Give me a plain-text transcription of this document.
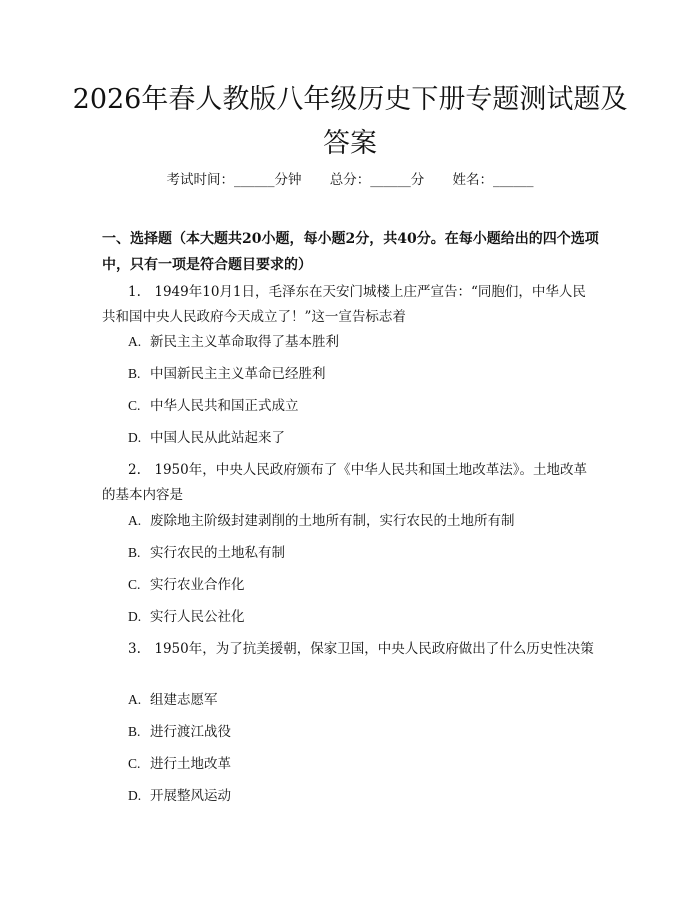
2026年春人教版八年级历史下册专题测试题及答案
考试时间：______分钟 总分：______分 姓名：______
一、选择题（本大题共20小题，每小题2分，共40分。在每小题给出的四个选项中，只有一项是符合题目要求的）
1.　1949年10月1日，毛泽东在天安门城楼上庄严宣告：“同胞们，中华人民共和国中央人民政府今天成立了！”这一宣告标志着
A. 新民主主义革命取得了基本胜利
B. 中国新民主主义革命已经胜利
C. 中华人民共和国正式成立
D. 中国人民从此站起来了
2.　1950年，中央人民政府颁布了《中华人民共和国土地改革法》。土地改革的基本内容是
A. 废除地主阶级封建剥削的土地所有制，实行农民的土地所有制
B. 实行农民的土地私有制
C. 实行农业合作化
D. 实行人民公社化
3.　1950年，为了抗美援朝，保家卫国，中央人民政府做出了什么历史性决策
A. 组建志愿军
B. 进行渡江战役
C. 进行土地改革
D. 开展整风运动
